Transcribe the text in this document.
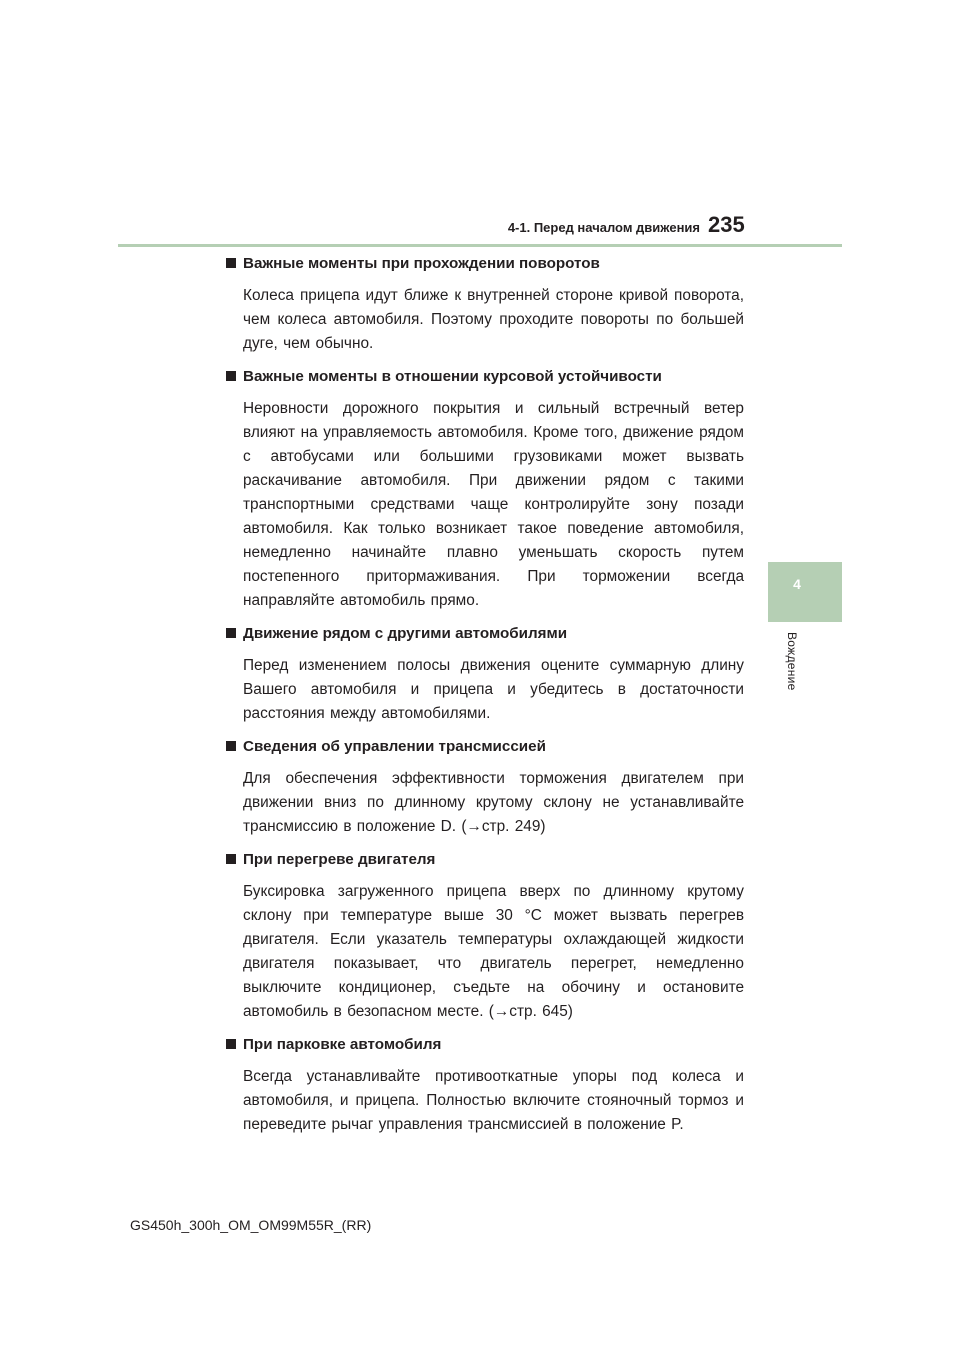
4-1. Перед началом движения 235
4
Вождение
Важные моменты при прохождении поворотов
Колеса прицепа идут ближе к внутренней стороне кривой поворота, чем колеса автомобиля. Поэтому проходите повороты по большей дуге, чем обычно.
Важные моменты в отношении курсовой устойчивости
Неровности дорожного покрытия и сильный встречный ветер влияют на управляемость автомобиля. Кроме того, движение рядом с автобусами или большими грузовиками может вызвать раскачивание автомобиля. При движении рядом с такими транспортными средствами чаще контролируйте зону позади автомобиля. Как только возникает такое поведение автомобиля, немедленно начинайте плавно уменьшать скорость путем постепенного притормаживания. При торможении всегда направляйте автомобиль прямо.
Движение рядом с другими автомобилями
Перед изменением полосы движения оцените суммарную длину Вашего автомобиля и прицепа и убедитесь в достаточности расстояния между автомобилями.
Сведения об управлении трансмиссией
Для обеспечения эффективности торможения двигателем при движении вниз по длинному крутому склону не устанавливайте трансмиссию в положение D. (→стр. 249)
При перегреве двигателя
Буксировка загруженного прицепа вверх по длинному крутому склону при температуре выше 30 °C может вызвать перегрев двигателя. Если указатель температуры охлаждающей жидкости двигателя показывает, что двигатель перегрет, немедленно выключите кондиционер, съедьте на обочину и остановите автомобиль в безопасном месте. (→стр. 645)
При парковке автомобиля
Всегда устанавливайте противооткатные упоры под колеса и автомобиля, и прицепа. Полностью включите стояночный тормоз и переведите рычаг управления трансмиссией в положение P.
GS450h_300h_OM_OM99M55R_(RR)
